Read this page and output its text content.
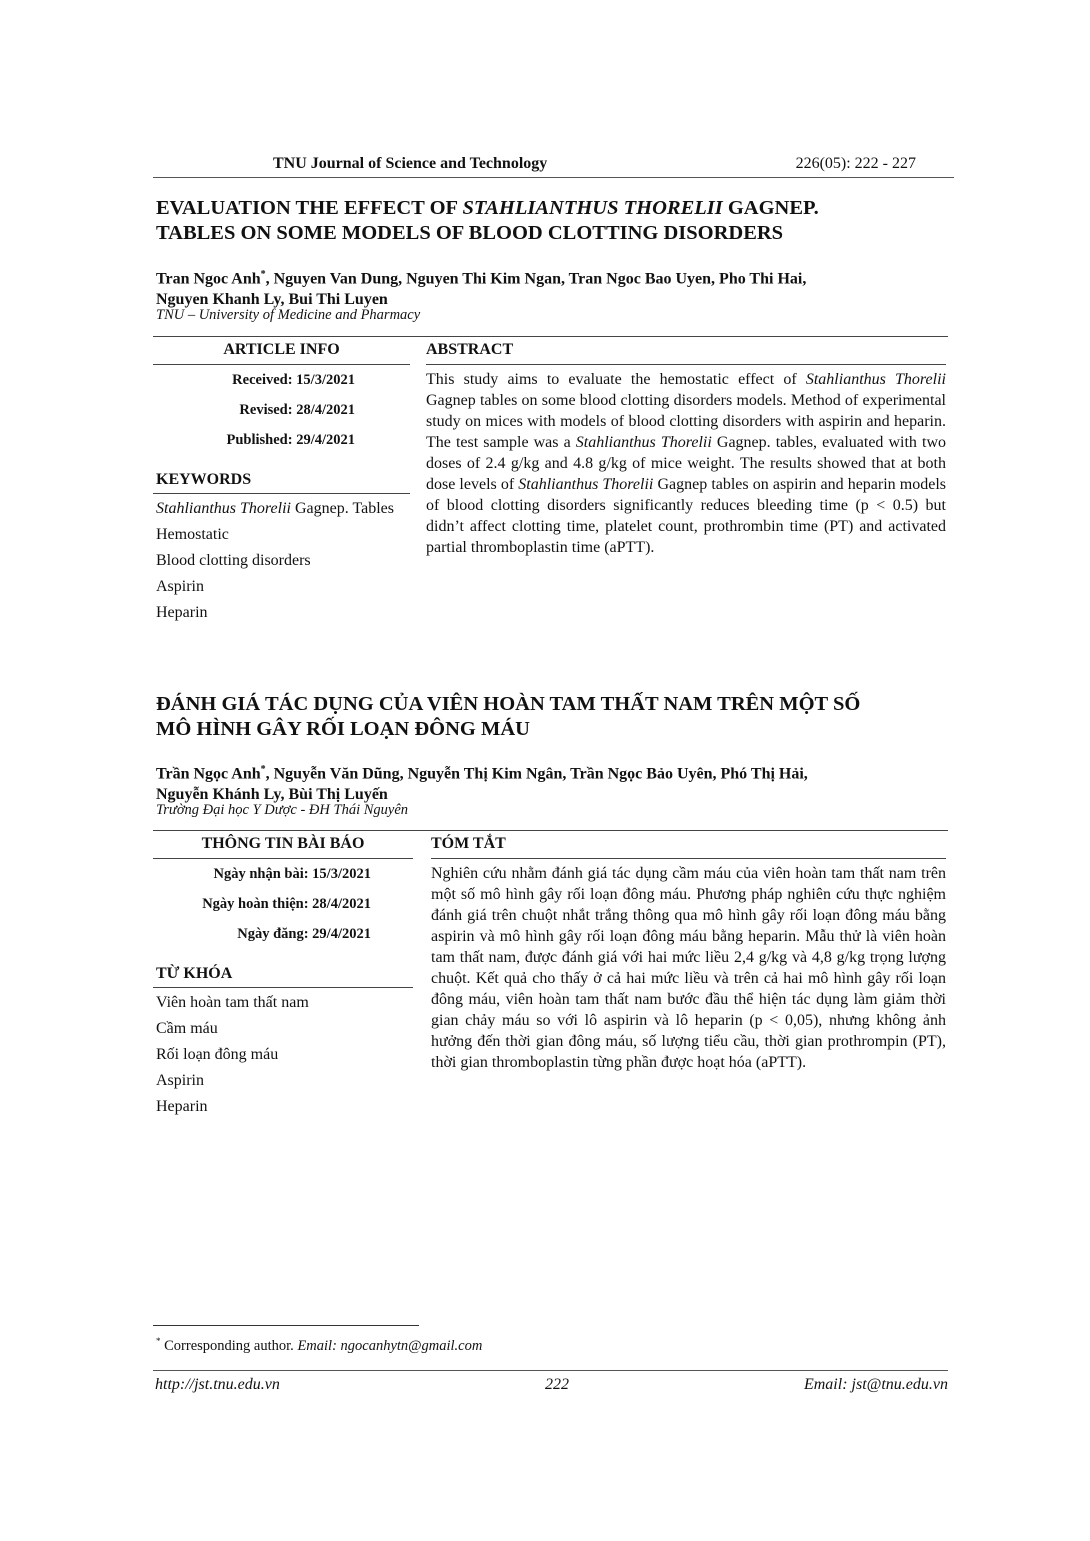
TNU Journal of Science and Technology	226(05): 222 - 227
EVALUATION THE EFFECT OF STAHLIANTHUS THORELII GAGNEP.
TABLES ON SOME MODELS OF BLOOD CLOTTING DISORDERS

Tran Ngoc Anh*, Nguyen Van Dung, Nguyen Thi Kim Ngan, Tran Ngoc Bao Uyen, Pho Thi Hai,
Nguyen Khanh Ly, Bui Thi Luyen

TNU – University of Medicine and Pharmacy
ARTICLE INFO
Received: 15/3/2021
Revised: 28/4/2021
Published: 29/4/2021
KEYWORDS
Stahlianthus Thorelii Gagnep. Tables
Hemostatic
Blood clotting disorders
Aspirin
Heparin
ABSTRACT

This study aims to evaluate the hemostatic effect of Stahlianthus Thorelii Gagnep tables on some blood clotting disorders models. Method of experimental study on mices with models of blood clotting disorders with aspirin and heparin. The test sample was a Stahlianthus Thorelii Gagnep. tables, evaluated with two doses of 2.4 g/kg and 4.8 g/kg of mice weight. The results showed that at both dose levels of Stahlianthus Thorelii Gagnep tables on aspirin and heparin models of blood clotting disorders significantly reduces bleeding time (p < 0.5) but didn’t affect clotting time, platelet count, prothrombin time (PT) and activated partial thromboplastin time (aPTT).

ĐÁNH GIÁ TÁC DỤNG CỦA VIÊN HOÀN TAM THẤT NAM TRÊN MỘT SỐ
MÔ HÌNH GÂY RỐI LOẠN ĐÔNG MÁU

Trần Ngọc Anh*, Nguyễn Văn Dũng, Nguyễn Thị Kim Ngân, Trần Ngọc Bảo Uyên, Phó Thị Hải,
Nguyễn Khánh Ly, Bùi Thị Luyến

Trường Đại học Y Dược - ĐH Thái Nguyên
THÔNG TIN BÀI BÁO
Ngày nhận bài: 15/3/2021
Ngày hoàn thiện: 28/4/2021
Ngày đăng: 29/4/2021
TỪ KHÓA
Viên hoàn tam thất nam
Cầm máu
Rối loạn đông máu
Aspirin
Heparin
TÓM TẮT

Nghiên cứu nhằm đánh giá tác dụng cầm máu của viên hoàn tam thất nam trên một số mô hình gây rối loạn đông máu. Phương pháp nghiên cứu thực nghiệm đánh giá trên chuột nhắt trắng thông qua mô hình gây rối loạn đông máu bằng aspirin và mô hình gây rối loạn đông máu bằng heparin. Mẫu thử là viên hoàn tam thất nam, được đánh giá với hai mức liều 2,4 g/kg và 4,8 g/kg trọng lượng chuột. Kết quả cho thấy ở cả hai mức liều và trên cả hai mô hình gây rối loạn đông máu, viên hoàn tam thất nam bước đầu thể hiện tác dụng làm giảm thời gian chảy máu so với lô aspirin và lô heparin (p < 0,05), nhưng không ảnh hưởng đến thời gian đông máu, số lượng tiểu cầu, thời gian prothrompin (PT), thời gian thromboplastin từng phần được hoạt hóa (aPTT).

* Corresponding author. Email: ngocanhytn@gmail.com
http://jst.tnu.edu.vn	222	Email: jst@tnu.edu.vn
